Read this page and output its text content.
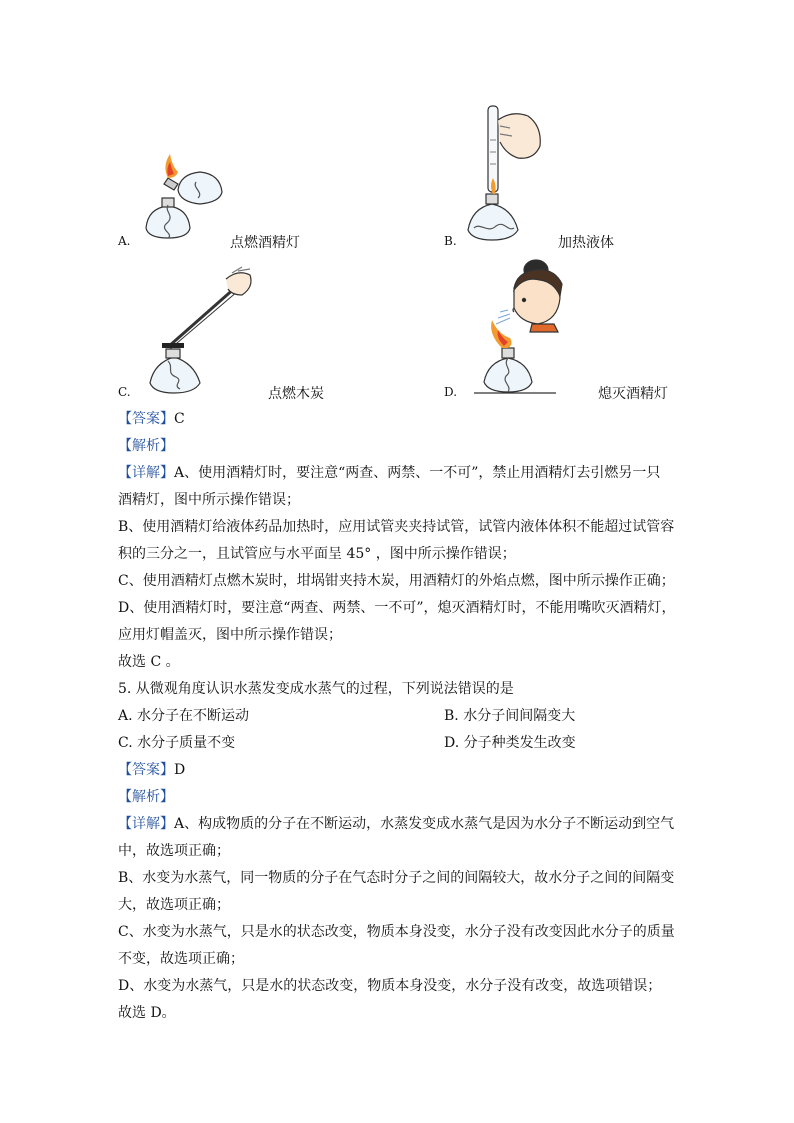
A.	点燃酒精灯	B.	加热液体
C.	点燃木炭	D.	熄灭酒精灯
【答案】C
【解析】
【详解】A、使用酒精灯时，要注意“两查、两禁、一不可”，禁止用酒精灯去引燃另一只
酒精灯，图中所示操作错误；
B、使用酒精灯给液体药品加热时，应用试管夹夹持试管，试管内液体体积不能超过试管容
积的三分之一，且试管应与水平面呈 45° ，图中所示操作错误；
C、使用酒精灯点燃木炭时，坩埚钳夹持木炭，用酒精灯的外焰点燃，图中所示操作正确；
D、使用酒精灯时，要注意“两查、两禁、一不可”，熄灭酒精灯时，不能用嘴吹灭酒精灯，
应用灯帽盖灭，图中所示操作错误；
故选 C 。
5. 从微观角度认识水蒸发变成水蒸气的过程，下列说法错误的是
A. 水分子在不断运动	B. 水分子间间隔变大
C. 水分子质量不变	D. 分子种类发生改变
【答案】D
【解析】
【详解】A、构成物质的分子在不断运动，水蒸发变成水蒸气是因为水分子不断运动到空气
中，故选项正确；
B、水变为水蒸气，同一物质的分子在气态时分子之间的间隔较大，故水分子之间的间隔变
大，故选项正确；
C、水变为水蒸气，只是水的状态改变，物质本身没变，水分子没有改变因此水分子的质量
不变，故选项正确；
D、水变为水蒸气，只是水的状态改变，物质本身没变，水分子没有改变，故选项错误；
故选 D。
